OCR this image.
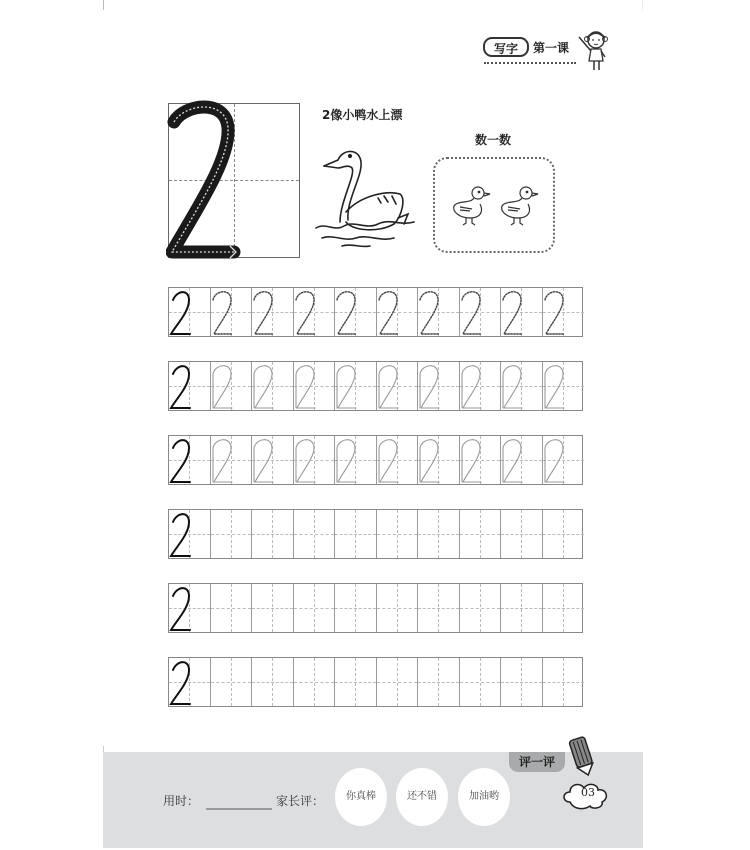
写字	第一课
2像小鸭水上漂
数一数
评一评
03
用时：	家长评：	你真棒	还不错	加油哟
